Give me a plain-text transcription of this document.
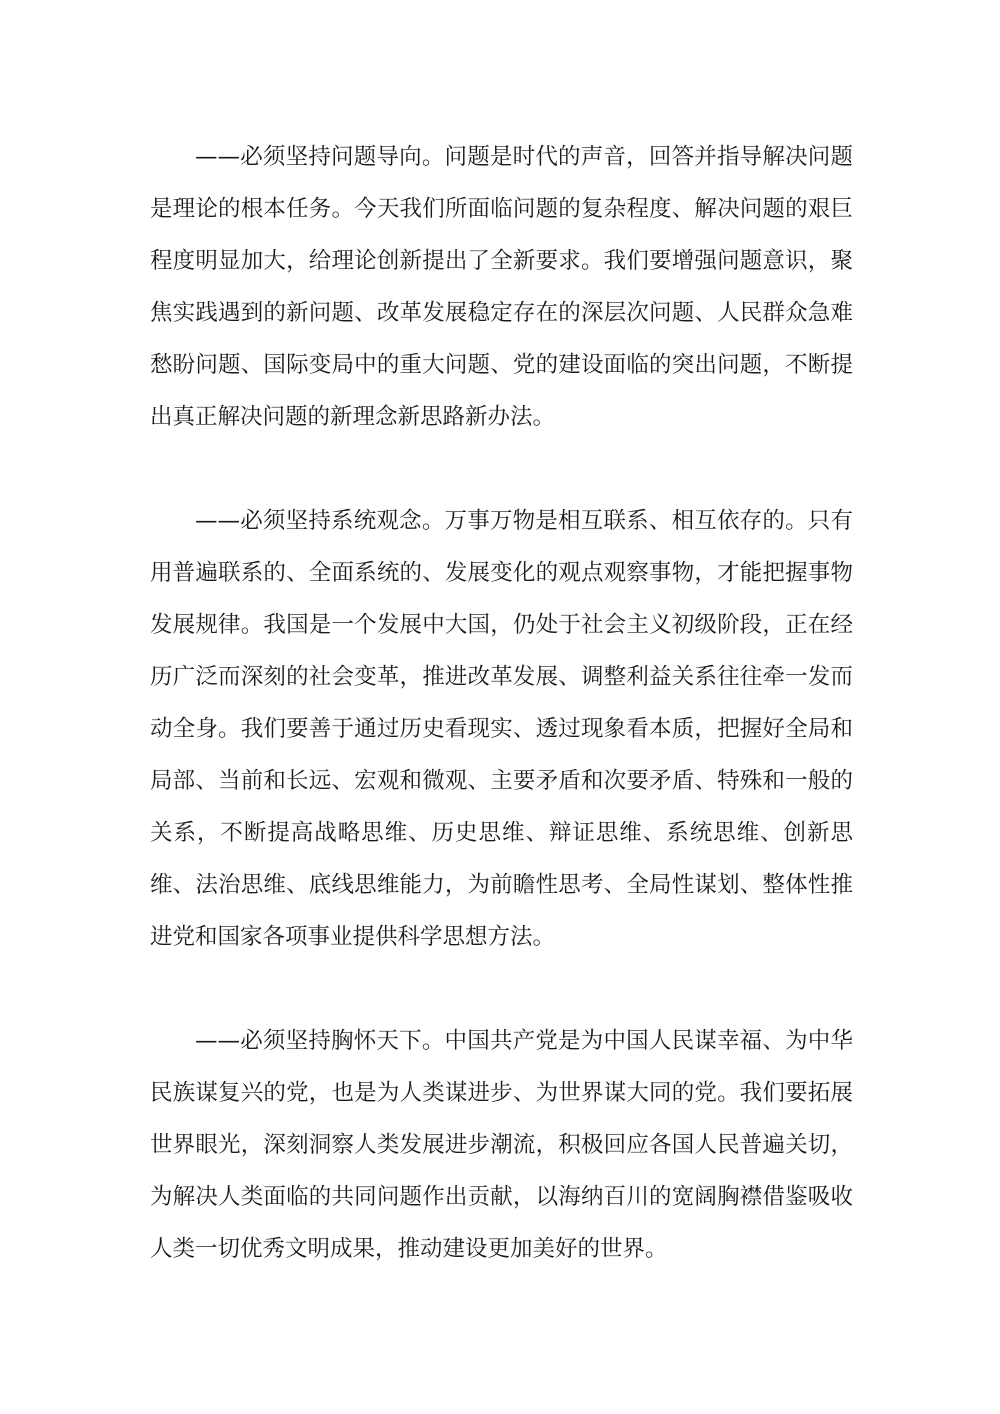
——必须坚持问题导向。问题是时代的声音，回答并指导解决问题是理论的根本任务。今天我们所面临问题的复杂程度、解决问题的艰巨程度明显加大，给理论创新提出了全新要求。我们要增强问题意识，聚焦实践遇到的新问题、改革发展稳定存在的深层次问题、人民群众急难愁盼问题、国际变局中的重大问题、党的建设面临的突出问题，不断提出真正解决问题的新理念新思路新办法。

——必须坚持系统观念。万事万物是相互联系、相互依存的。只有用普遍联系的、全面系统的、发展变化的观点观察事物，才能把握事物发展规律。我国是一个发展中大国，仍处于社会主义初级阶段，正在经历广泛而深刻的社会变革，推进改革发展、调整利益关系往往牵一发而动全身。我们要善于通过历史看现实、透过现象看本质，把握好全局和局部、当前和长远、宏观和微观、主要矛盾和次要矛盾、特殊和一般的关系，不断提高战略思维、历史思维、辩证思维、系统思维、创新思维、法治思维、底线思维能力，为前瞻性思考、全局性谋划、整体性推进党和国家各项事业提供科学思想方法。

——必须坚持胸怀天下。中国共产党是为中国人民谋幸福、为中华民族谋复兴的党，也是为人类谋进步、为世界谋大同的党。我们要拓展世界眼光，深刻洞察人类发展进步潮流，积极回应各国人民普遍关切，为解决人类面临的共同问题作出贡献，以海纳百川的宽阔胸襟借鉴吸收人类一切优秀文明成果，推动建设更加美好的世界。
